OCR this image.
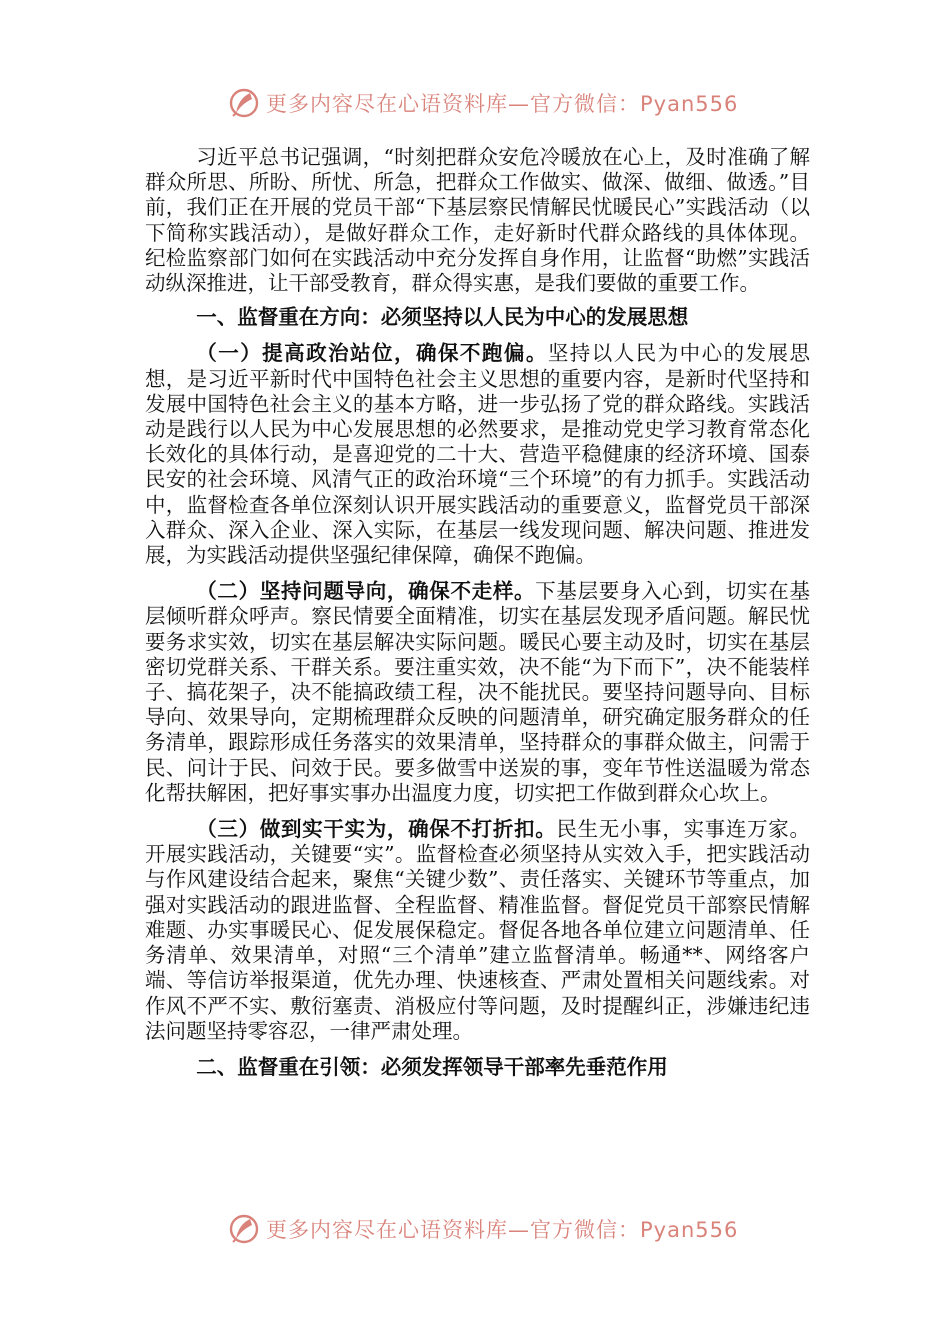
更多内容尽在心语资料库—官方微信：Pyan556

习近平总书记强调，“时刻把群众安危冷暖放在心上，及时准确了解群众所思、所盼、所忧、所急，把群众工作做实、做深、做细、做透。”目前，我们正在开展的党员干部“下基层察民情解民忧暖民心”实践活动（以下简称实践活动），是做好群众工作，走好新时代群众路线的具体体现。纪检监察部门如何在实践活动中充分发挥自身作用，让监督“助燃”实践活动纵深推进，让干部受教育，群众得实惠，是我们要做的重要工作。

一、监督重在方向：必须坚持以人民为中心的发展思想

（一）提高政治站位，确保不跑偏。坚持以人民为中心的发展思想，是习近平新时代中国特色社会主义思想的重要内容，是新时代坚持和发展中国特色社会主义的基本方略，进一步弘扬了党的群众路线。实践活动是践行以人民为中心发展思想的必然要求，是推动党史学习教育常态化长效化的具体行动，是喜迎党的二十大、营造平稳健康的经济环境、国泰民安的社会环境、风清气正的政治环境“三个环境”的有力抓手。实践活动中，监督检查各单位深刻认识开展实践活动的重要意义，监督党员干部深入群众、深入企业、深入实际，在基层一线发现问题、解决问题、推进发展，为实践活动提供坚强纪律保障，确保不跑偏。

（二）坚持问题导向，确保不走样。下基层要身入心到，切实在基层倾听群众呼声。察民情要全面精准，切实在基层发现矛盾问题。解民忧要务求实效，切实在基层解决实际问题。暖民心要主动及时，切实在基层密切党群关系、干群关系。要注重实效，决不能“为下而下”，决不能装样子、搞花架子，决不能搞政绩工程，决不能扰民。要坚持问题导向、目标导向、效果导向，定期梳理群众反映的问题清单，研究确定服务群众的任务清单，跟踪形成任务落实的效果清单，坚持群众的事群众做主，问需于民、问计于民、问效于民。要多做雪中送炭的事，变年节性送温暖为常态化帮扶解困，把好事实事办出温度力度，切实把工作做到群众心坎上。

（三）做到实干实为，确保不打折扣。民生无小事，实事连万家。开展实践活动，关键要“实”。监督检查必须坚持从实效入手，把实践活动与作风建设结合起来，聚焦“关键少数”、责任落实、关键环节等重点，加强对实践活动的跟进监督、全程监督、精准监督。督促党员干部察民情解难题、办实事暖民心、促发展保稳定。督促各地各单位建立问题清单、任务清单、效果清单，对照“三个清单”建立监督清单。畅通**、网络客户端、等信访举报渠道，优先办理、快速核查、严肃处置相关问题线索。对作风不严不实、敷衍塞责、消极应付等问题，及时提醒纠正，涉嫌违纪违法问题坚持零容忍，一律严肃处理。

二、监督重在引领：必须发挥领导干部率先垂范作用

更多内容尽在心语资料库—官方微信：Pyan556
